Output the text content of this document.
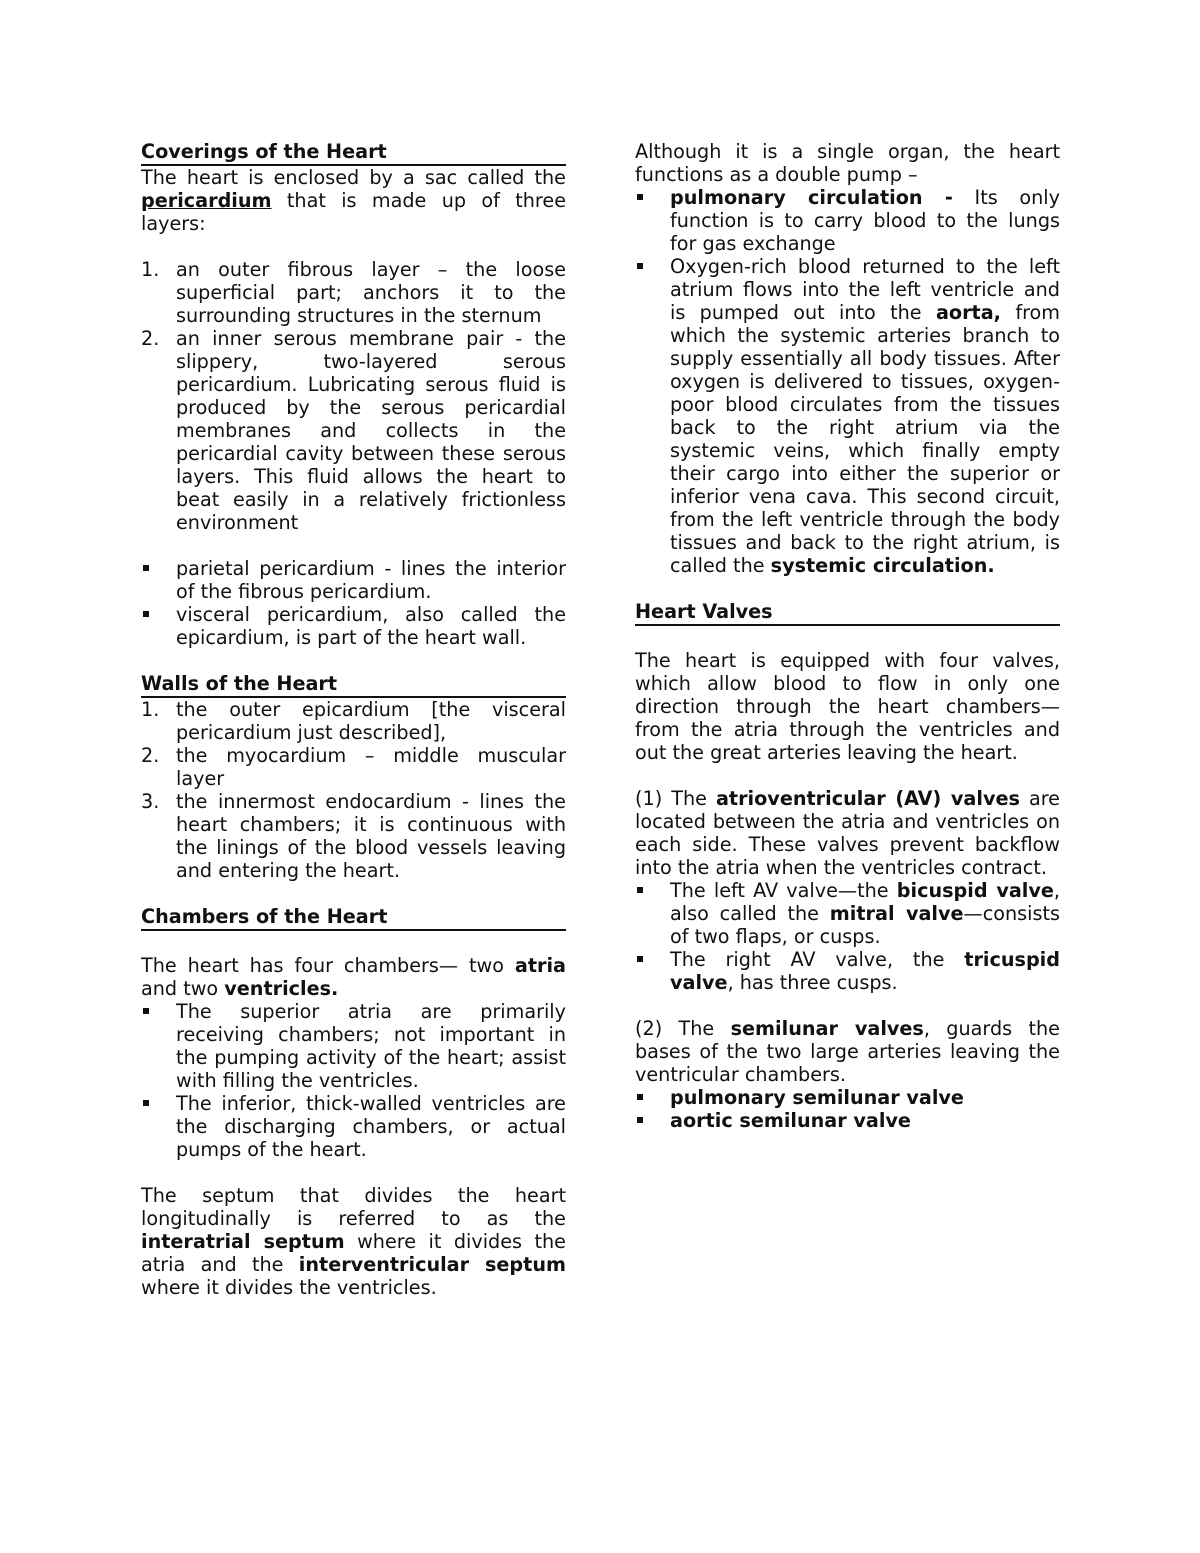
Coverings of the Heart

The heart is enclosed by a sac called the pericardium that is made up of three layers:

1. an outer fibrous layer – the loose superficial part; anchors it to the surrounding structures in the sternum
2. an inner serous membrane pair - the slippery, two-layered serous pericardium. Lubricating serous fluid is produced by the serous pericardial membranes and collects in the pericardial cavity between these serous layers. This fluid allows the heart to beat easily in a relatively frictionless environment
parietal pericardium - lines the interior of the fibrous pericardium.
visceral pericardium, also called the epicardium, is part of the heart wall.
Walls of the Heart
1. the outer epicardium [the visceral pericardium just described],
2. the myocardium – middle muscular layer
3. the innermost endocardium - lines the heart chambers; it is continuous with the linings of the blood vessels leaving and entering the heart.
Chambers of the Heart

The heart has four chambers— two atria and two ventricles.

The superior atria are primarily receiving chambers; not important in the pumping activity of the heart; assist with filling the ventricles.
The inferior, thick-walled ventricles are the discharging chambers, or actual pumps of the heart.

The septum that divides the heart longitudinally is referred to as the interatrial septum where it divides the atria and the interventricular septum where it divides the ventricles.

Although it is a single organ, the heart functions as a double pump –

pulmonary circulation - Its only function is to carry blood to the lungs for gas exchange
Oxygen-rich blood returned to the left atrium flows into the left ventricle and is pumped out into the aorta, from which the systemic arteries branch to supply essentially all body tissues. After oxygen is delivered to tissues, oxygen-poor blood circulates from the tissues back to the right atrium via the systemic veins, which finally empty their cargo into either the superior or inferior vena cava. This second circuit, from the left ventricle through the body tissues and back to the right atrium, is called the systemic circulation.
Heart Valves

The heart is equipped with four valves, which allow blood to flow in only one direction through the heart chambers—from the atria through the ventricles and out the great arteries leaving the heart.

(1) The atrioventricular (AV) valves are located between the atria and ventricles on each side. These valves prevent backflow into the atria when the ventricles contract.

The left AV valve—the bicuspid valve, also called the mitral valve—consists of two flaps, or cusps.
The right AV valve, the tricuspid valve, has three cusps.

(2) The semilunar valves, guards the bases of the two large arteries leaving the ventricular chambers.

pulmonary semilunar valve
aortic semilunar valve
